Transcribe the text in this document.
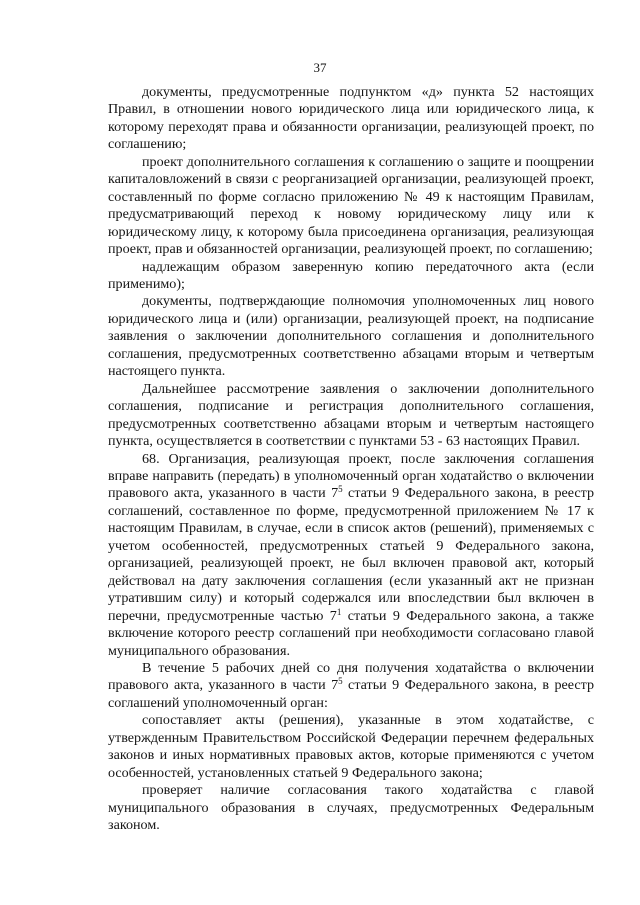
37

документы, предусмотренные подпунктом «д» пункта 52 настоящих Правил, в отношении нового юридического лица или юридического лица, к которому переходят права и обязанности организации, реализующей проект, по соглашению;

проект дополнительного соглашения к соглашению о защите и поощрении капиталовложений в связи с реорганизацией организации, реализующей проект, составленный по форме согласно приложению № 49 к настоящим Правилам, предусматривающий переход к новому юридическому лицу или к юридическому лицу, к которому была присоединена организация, реализующая проект, прав и обязанностей организации, реализующей проект, по соглашению;

надлежащим образом заверенную копию передаточного акта (если применимо);

документы, подтверждающие полномочия уполномоченных лиц нового юридического лица и (или) организации, реализующей проект, на подписание заявления о заключении дополнительного соглашения и дополнительного соглашения, предусмотренных соответственно абзацами вторым и четвертым настоящего пункта.

Дальнейшее рассмотрение заявления о заключении дополнительного соглашения, подписание и регистрация дополнительного соглашения, предусмотренных соответственно абзацами вторым и четвертым настоящего пункта, осуществляется в соответствии с пунктами 53 - 63 настоящих Правил.

68. Организация, реализующая проект, после заключения соглашения вправе направить (передать) в уполномоченный орган ходатайство о включении правового акта, указанного в части $7^5$ статьи 9 Федерального закона, в реестр соглашений, составленное по форме, предусмотренной приложением № 17 к настоящим Правилам, в случае, если в список актов (решений), применяемых с учетом особенностей, предусмотренных статьей 9 Федерального закона, организацией, реализующей проект, не был включен правовой акт, который действовал на дату заключения соглашения (если указанный акт не признан утратившим силу) и который содержался или впоследствии был включен в перечни, предусмотренные частью $7^1$ статьи 9 Федерального закона, а также включение которого реестр соглашений при необходимости согласовано главой муниципального образования.

В течение 5 рабочих дней со дня получения ходатайства о включении правового акта, указанного в части $7^5$ статьи 9 Федерального закона, в реестр соглашений уполномоченный орган:

сопоставляет акты (решения), указанные в этом ходатайстве, с утвержденным Правительством Российской Федерации перечнем федеральных законов и иных нормативных правовых актов, которые применяются с учетом особенностей, установленных статьей 9 Федерального закона;

проверяет наличие согласования такого ходатайства с главой муниципального образования в случаях, предусмотренных Федеральным законом.
